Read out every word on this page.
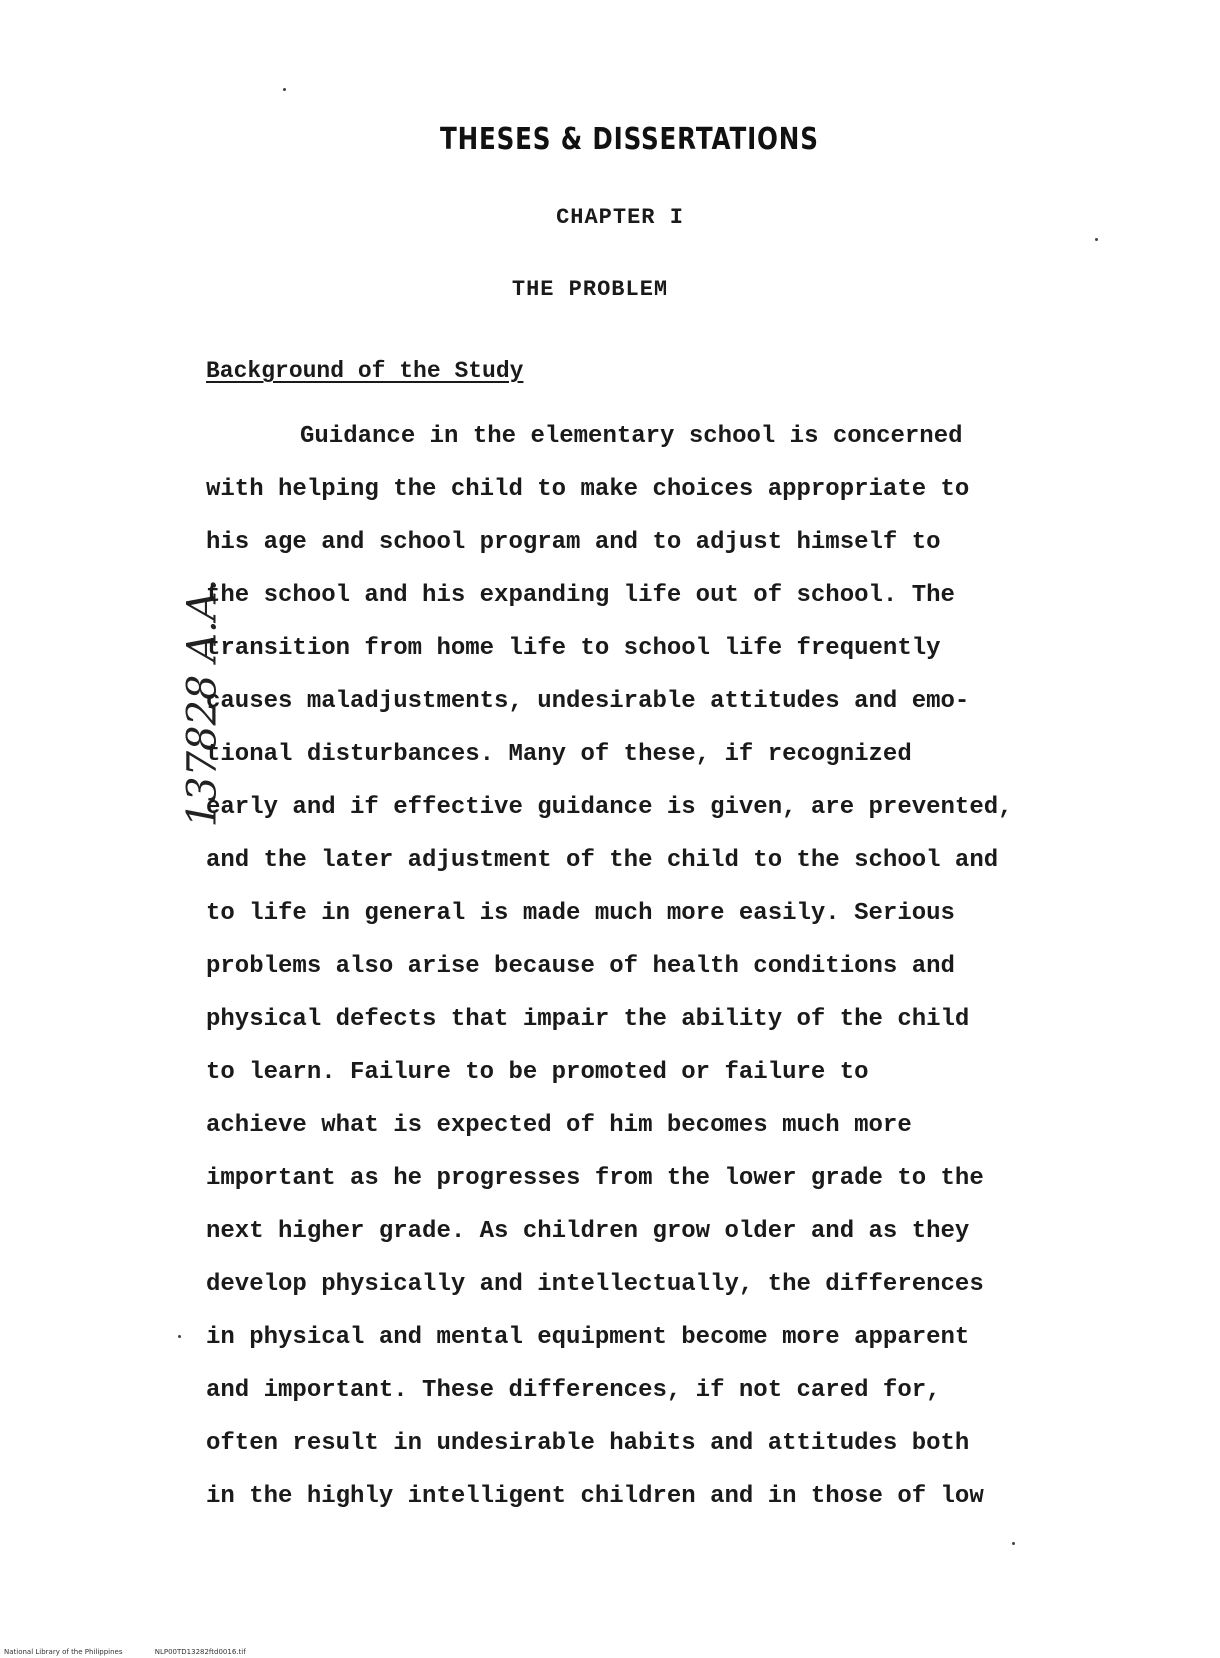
THESES & DISSERTATIONS
CHAPTER I
THE PROBLEM
Background of the Study
137828 A.A.
Guidance in the elementary school is concerned
with helping the child to make choices appropriate to
his age and school program and to adjust himself to
the school and his expanding life out of school. The
transition from home life to school life frequently
causes maladjustments, undesirable attitudes and emo-
tional disturbances. Many of these, if recognized
early and if effective guidance is given, are prevented,
and the later adjustment of the child to the school and
to life in general is made much more easily. Serious
problems also arise because of health conditions and
physical defects that impair the ability of the child
to learn. Failure to be promoted or failure to
achieve what is expected of him becomes much more
important as he progresses from the lower grade to the
next higher grade. As children grow older and as they
develop physically and intellectually, the differences
in physical and mental equipment become more apparent
and important. These differences, if not cared for,
often result in undesirable habits and attitudes both
in the highly intelligent children and in those of low
National Library of the Philippines	NLP00TD13282ftd0016.tif
